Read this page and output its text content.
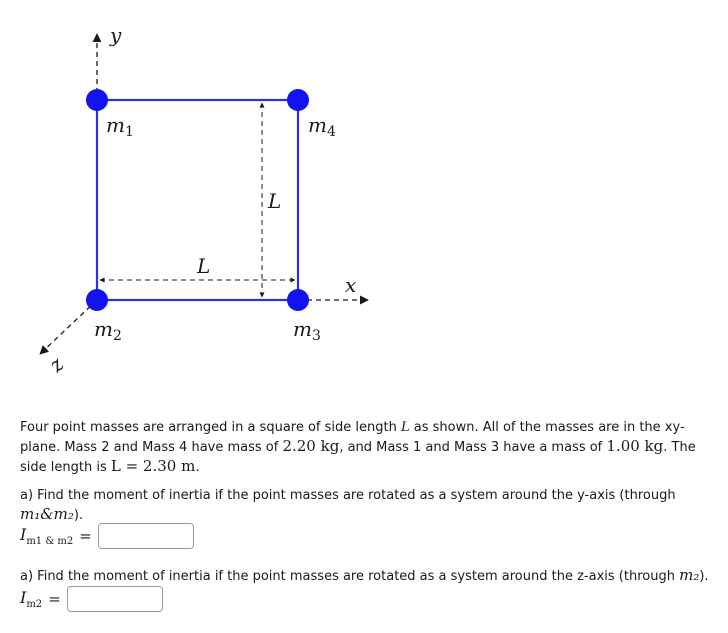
y
x
z
L
L
$m_1$	$m_4$
$m_2$	$m_3$
Four point masses are arranged in a square of side length L as shown. All of the masses are in the xy-plane. Mass 2 and Mass 4 have mass of 2.20 kg, and Mass 1 and Mass 3 have a mass of 1.00 kg. The side length is L = 2.30 m.
a) Find the moment of inertia if the point masses are rotated as a system around the y-axis (through m₁&m₂).
$I_{m1 \& m2}$ =
a) Find the moment of inertia if the point masses are rotated as a system around the z-axis (through m₂).
$I_{m2}$ =
